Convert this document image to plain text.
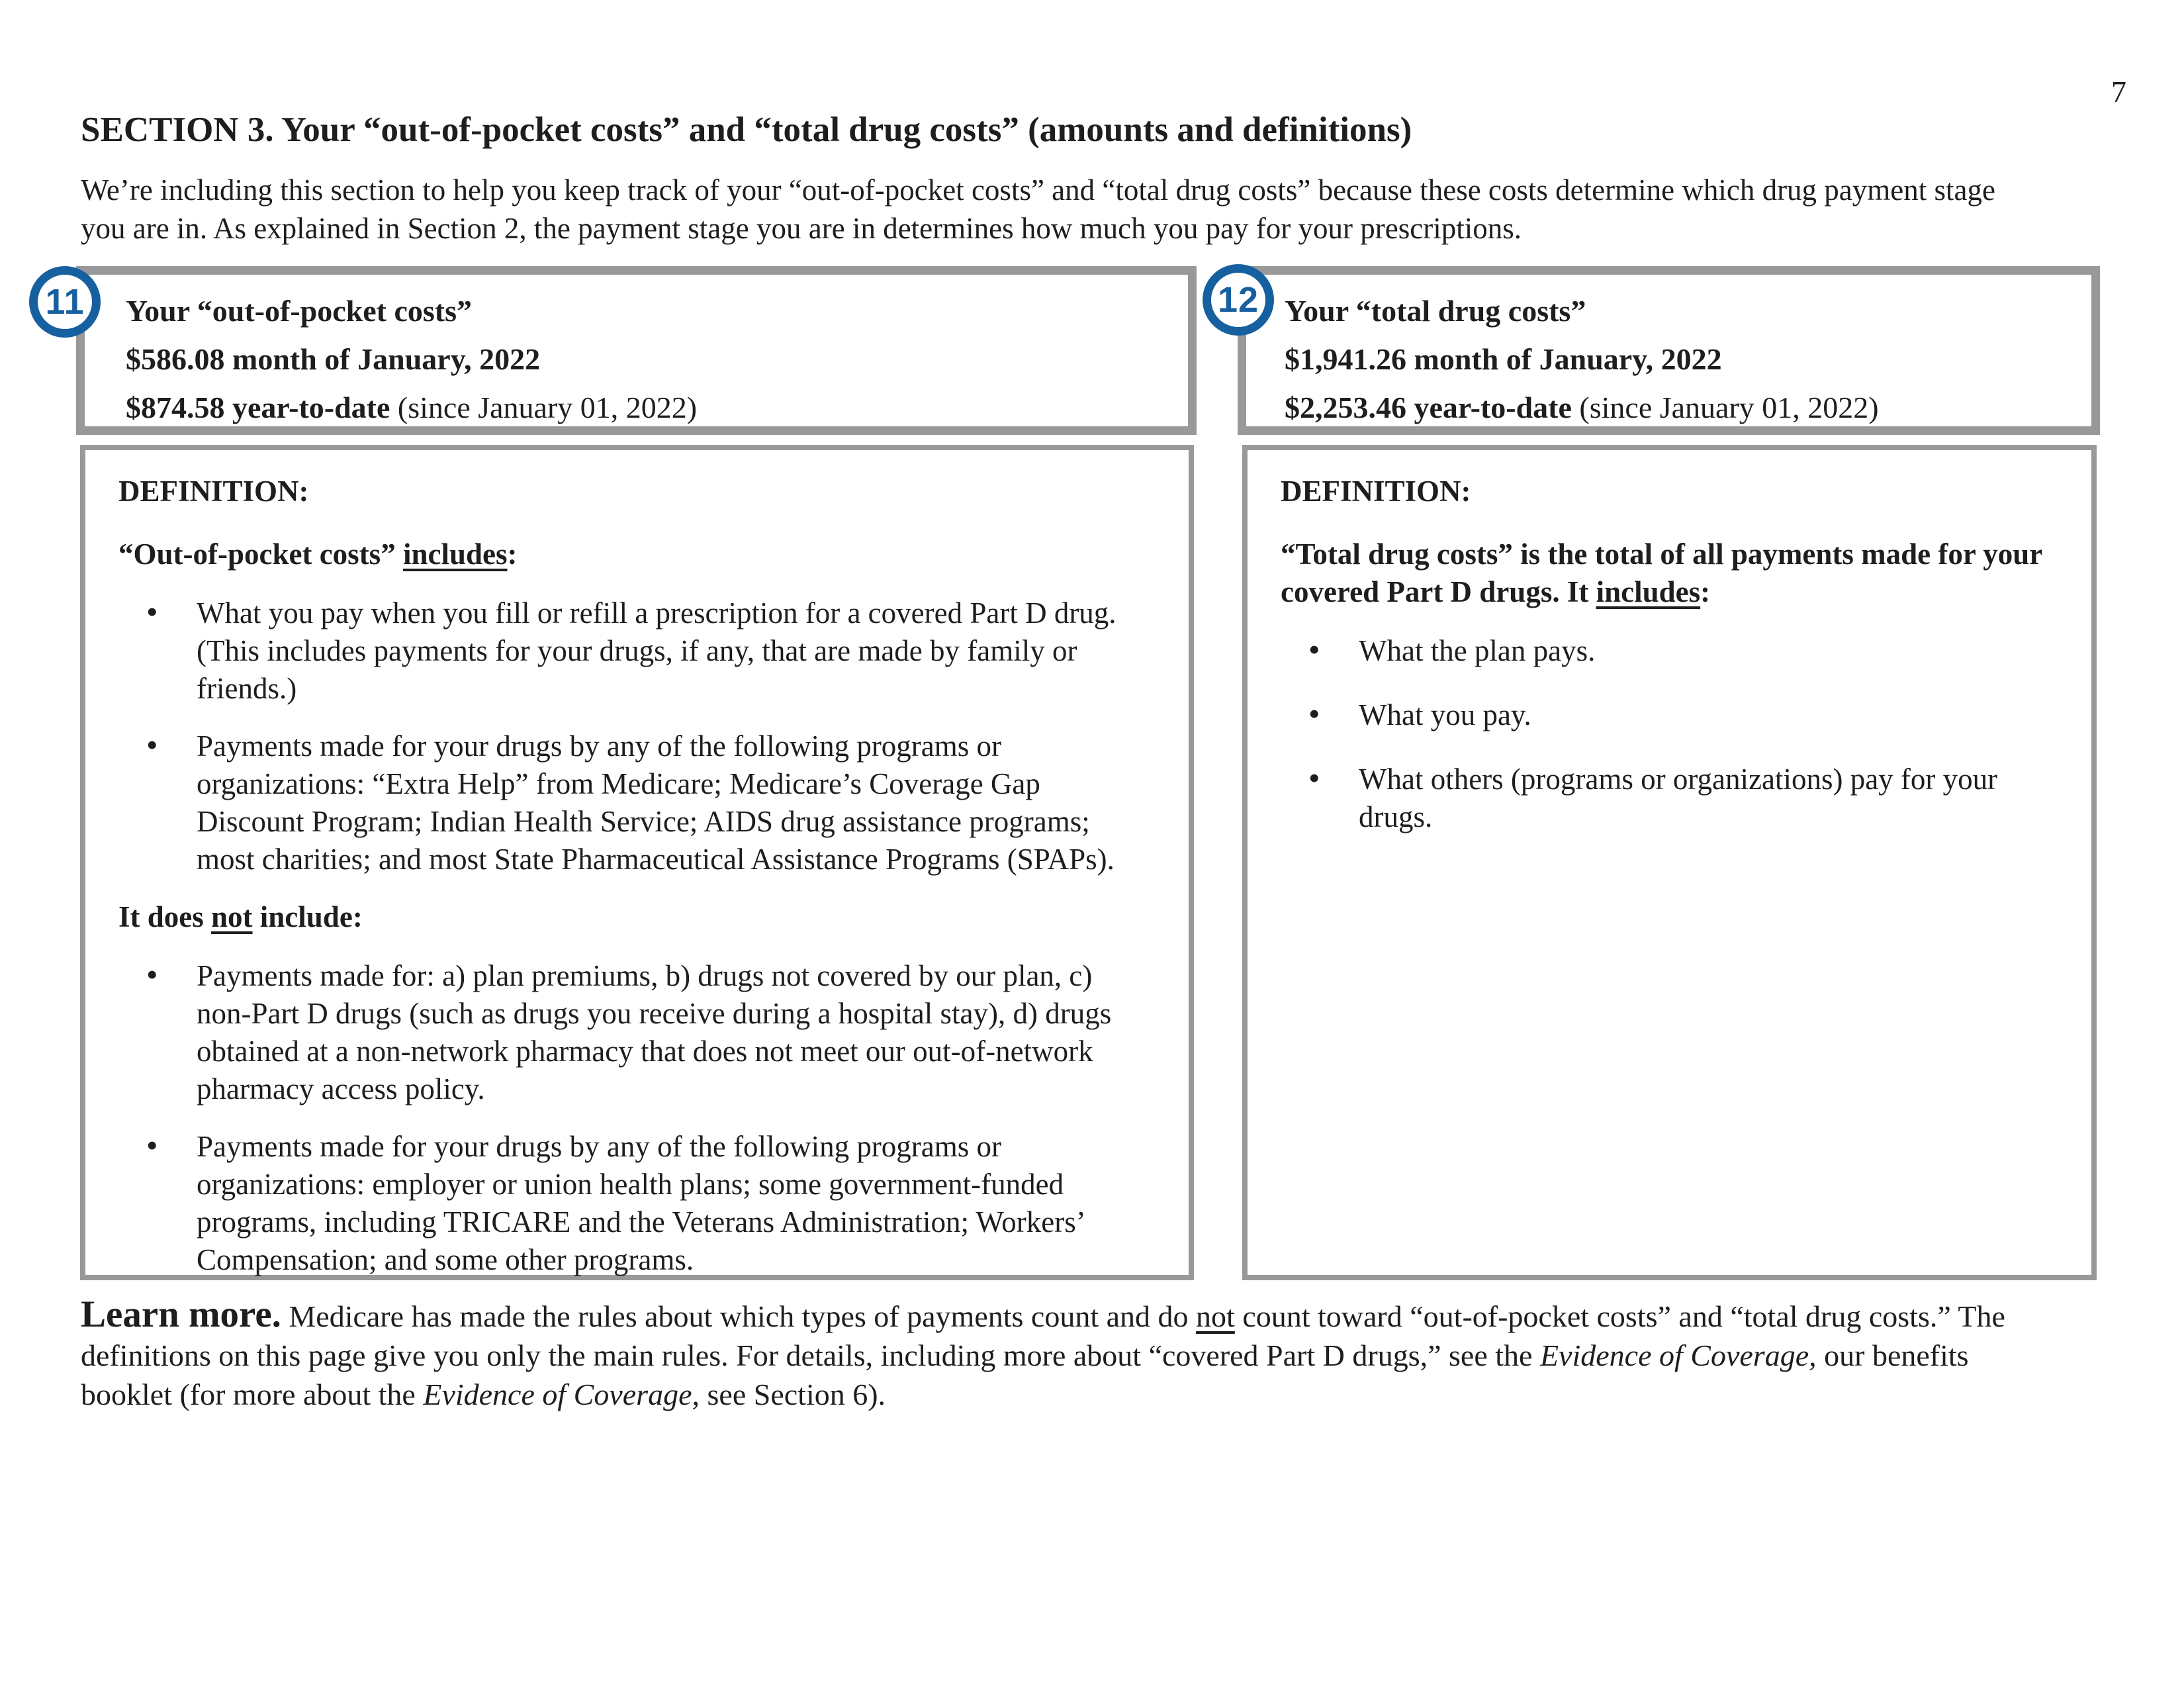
7
SECTION 3. Your “out-of-pocket costs” and “total drug costs” (amounts and definitions)

We’re including this section to help you keep track of your “out-of-pocket costs” and “total drug costs” because these costs determine which drug payment stage you are in. As explained in Section 2, the payment stage you are in determines how much you pay for your prescriptions.

11	12
Your “out-of-pocket costs”
$586.08 month of January, 2022
$874.58 year-to-date (since January 01, 2022)
Your “total drug costs”
$1,941.26 month of January, 2022
$2,253.46 year-to-date (since January 01, 2022)

DEFINITION:

“Out-of-pocket costs” includes:

•
What you pay when you fill or refill a prescription for a covered Part D drug. (This includes payments for your drugs, if any, that are made by family or friends.)
•
Payments made for your drugs by any of the following programs or organizations: “Extra Help” from Medicare; Medicare’s Coverage Gap Discount Program; Indian Health Service; AIDS drug assistance programs; most charities; and most State Pharmaceutical Assistance Programs (SPAPs).

It does not include:

•
Payments made for: a) plan premiums, b) drugs not covered by our plan, c) non-Part D drugs (such as drugs you receive during a hospital stay), d) drugs obtained at a non-network pharmacy that does not meet our out-of-network pharmacy access policy.
•
Payments made for your drugs by any of the following programs or organizations: employer or union health plans; some government-funded programs, including TRICARE and the Veterans Administration; Workers’ Compensation; and some other programs.

DEFINITION:

“Total drug costs” is the total of all payments made for your covered Part D drugs. It includes:

•
What the plan pays.
•
What you pay.
•
What others (programs or organizations) pay for your drugs.

Learn more. Medicare has made the rules about which types of payments count and do not count toward “out-of-pocket costs” and “total drug costs.” The definitions on this page give you only the main rules. For details, including more about “covered Part D drugs,” see the Evidence of Coverage, our benefits booklet (for more about the Evidence of Coverage, see Section 6).
